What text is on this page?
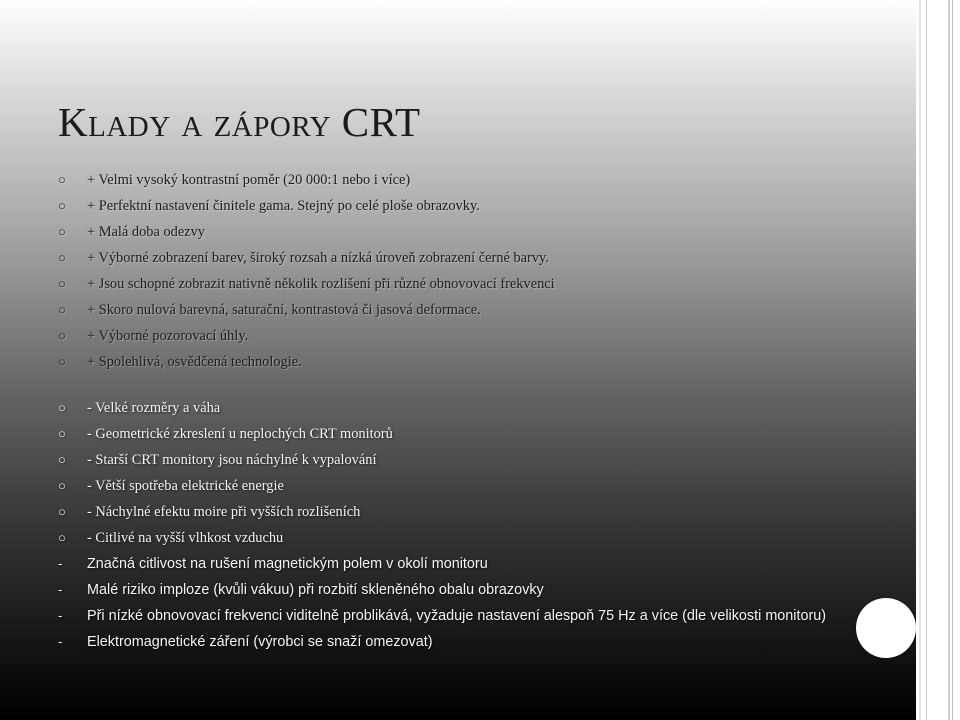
Klady a zápory CRT
○	+ Velmi vysoký kontrastní poměr (20 000:1 nebo i více)
○	+ Perfektní nastavení činitele gama. Stejný po celé ploše obrazovky.
○	+ Malá doba odezvy
○	+ Výborné zobrazení barev, široký rozsah a nízká úroveň zobrazení černé barvy.
○	+ Jsou schopné zobrazit nativně několik rozlišení při různé obnovovací frekvenci
○	+ Skoro nulová barevná, saturační, kontrastová či jasová deformace.
○	+ Výborné pozorovací úhly.
○	+ Spolehlivá, osvědčená technologie.
○	- Velké rozměry a váha
○	- Geometrické zkreslení u neplochých CRT monitorů
○	- Starší CRT monitory jsou náchylné k vypalování
○	- Větší spotřeba elektrické energie
○	- Náchylné efektu moire při vyšších rozlišeních
○	- Citlivé na vyšší vlhkost vzduchu
-	Značná citlivost na rušení magnetickým polem v okolí monitoru
-	Malé riziko imploze (kvůli vákuu) při rozbití skleněného obalu obrazovky
-	Při nízké obnovovací frekvenci viditelně problikává, vyžaduje nastavení alespoň 75 Hz a více (dle velikosti monitoru)
-	Elektromagnetické záření (výrobci se snaží omezovat)
